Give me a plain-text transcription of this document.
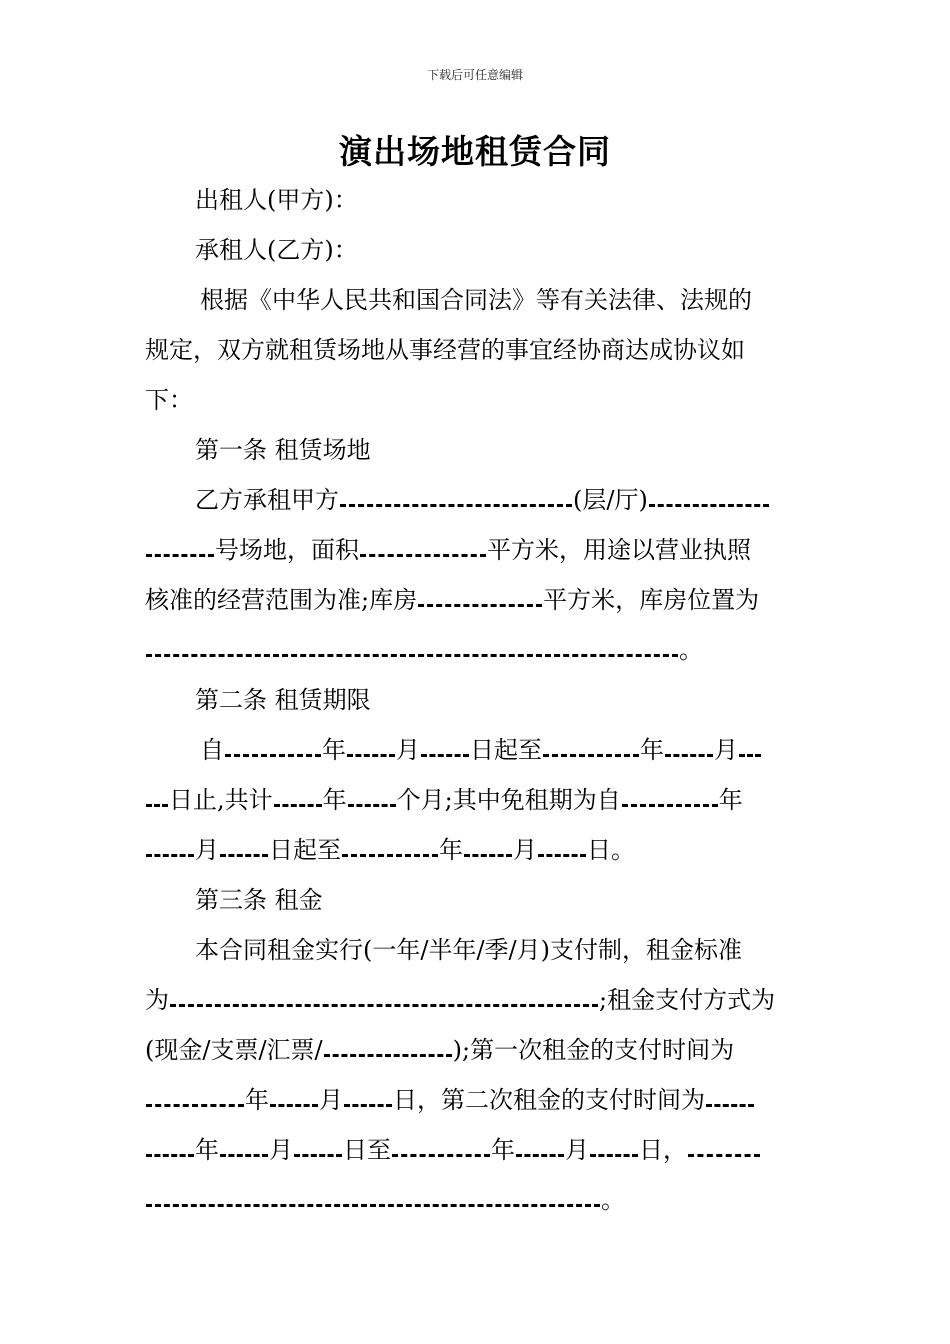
下载后可任意编辑
演出场地租赁合同
出租人(甲方)：
承租人(乙方)：
根据《中华人民共和国合同法》等有关法律、法规的
规定，双方就租赁场地从事经营的事宜经协商达成协议如
下：
第一条 租赁场地
乙方承租甲方	(层/厅)
号场地，面积	平方米，用途以营业执照
核准的经营范围为准;库房	平方米，库房位置为
。
第二条 租赁期限
自	年 月 日起至	年 月
日止,共计 年 个月;其中免租期为自	年
月 日起至	年 月 日。
第三条 租金
本合同租金实行(一年/半年/季/月)支付制，租金标准
为	;租金支付方式为
(现金/支票/汇票/	);第一次租金的支付时间为
年 月 日，第二次租金的支付时间为
年 月 日至	年 月 日，
。
